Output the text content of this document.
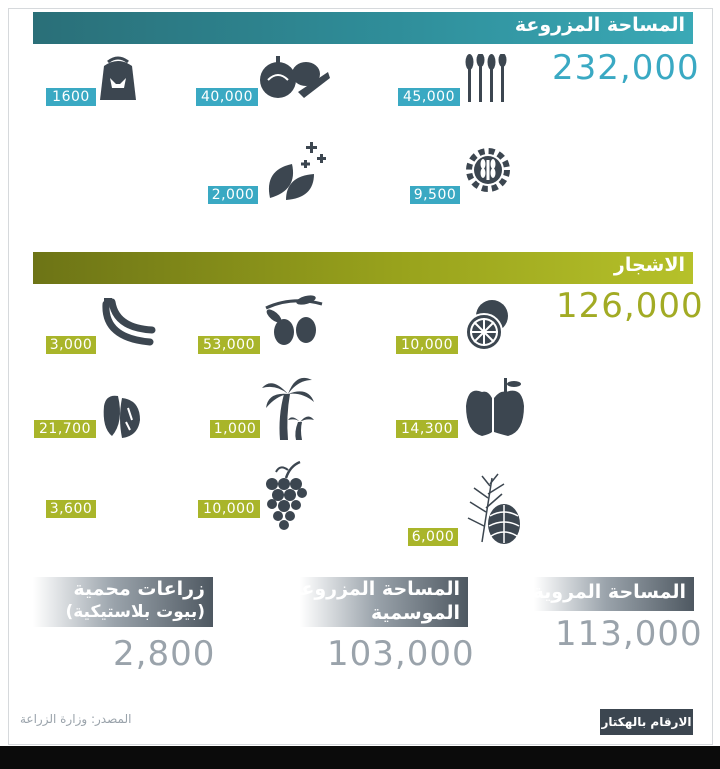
المساحة المزروعة
232,000
45,000
40,000
1600
9,500
2,000
الاشجار
126,000
10,000
53,000
3,000
14,300
1,000
21,700
6,000
10,000
3,600
المساحة المروية
113,000
المساحة المزروعة
الموسمية
103,000
زراعات محمية
(بيوت بلاستيكية)
2,800
المصدر: وزارة الزراعة	الارقام بالهكتار
